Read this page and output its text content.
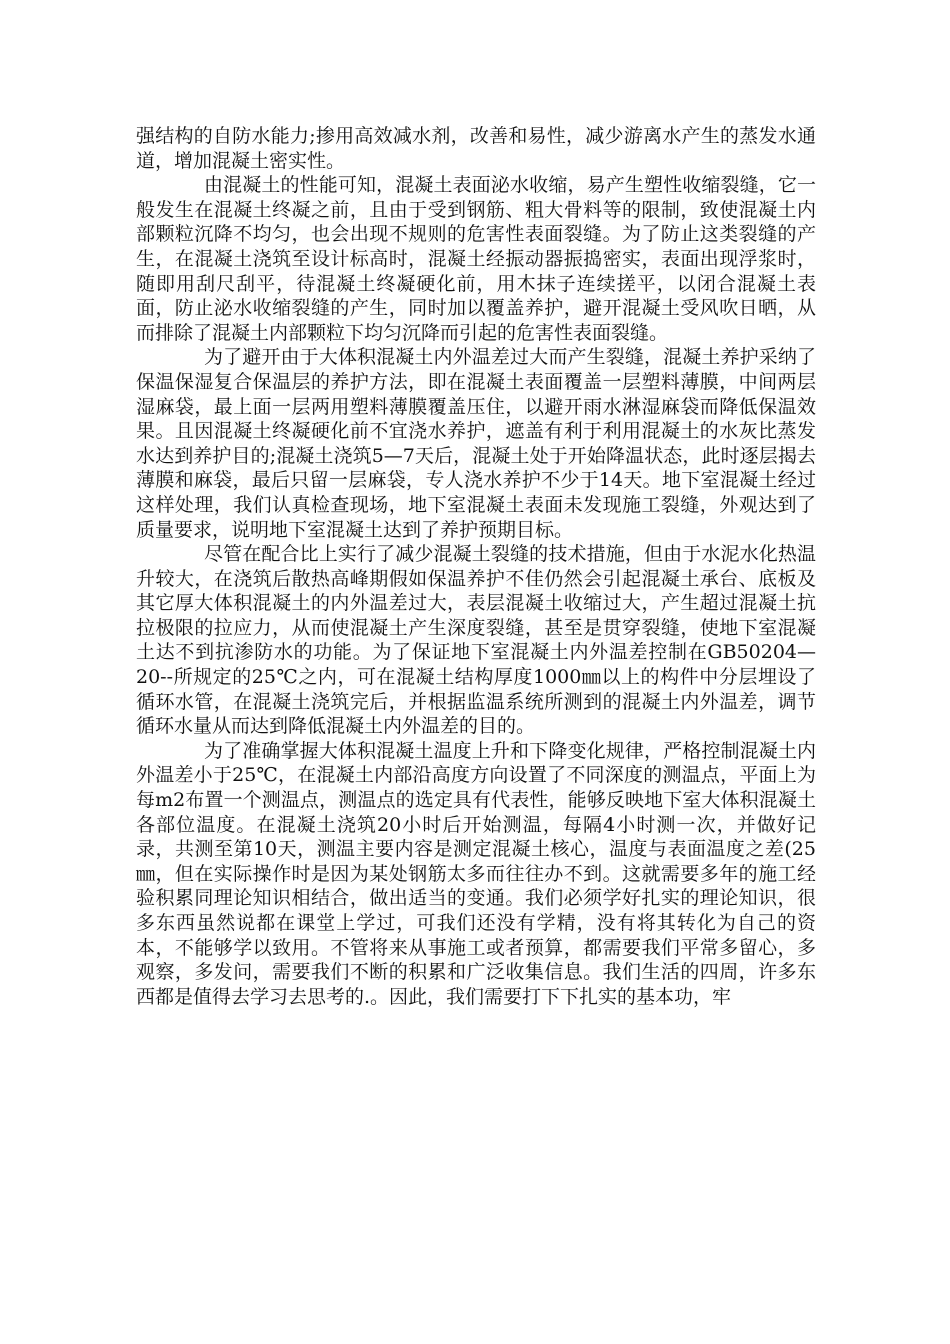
强结构的自防水能力;掺用高效减水剂，改善和易性，减少游离水产生的蒸发水通道，增加混凝土密实性。

由混凝土的性能可知，混凝土表面泌水收缩，易产生塑性收缩裂缝，它一般发生在混凝土终凝之前，且由于受到钢筋、粗大骨料等的限制，致使混凝土内部颗粒沉降不均匀，也会出现不规则的危害性表面裂缝。为了防止这类裂缝的产生，在混凝土浇筑至设计标高时，混凝土经振动器振捣密实，表面出现浮浆时，随即用刮尺刮平，待混凝土终凝硬化前，用木抹子连续搓平，以闭合混凝土表面，防止泌水收缩裂缝的产生，同时加以覆盖养护，避开混凝土受风吹日晒，从而排除了混凝土内部颗粒下均匀沉降而引起的危害性表面裂缝。

为了避开由于大体积混凝土内外温差过大而产生裂缝，混凝土养护采纳了保温保湿复合保温层的养护方法，即在混凝土表面覆盖一层塑料薄膜，中间两层湿麻袋，最上面一层两用塑料薄膜覆盖压住，以避开雨水淋湿麻袋而降低保温效果。且因混凝土终凝硬化前不宜浇水养护，遮盖有利于利用混凝土的水灰比蒸发水达到养护目的;混凝土浇筑5—7天后，混凝土处于开始降温状态，此时逐层揭去薄膜和麻袋，最后只留一层麻袋，专人浇水养护不少于14天。地下室混凝土经过这样处理，我们认真检查现场，地下室混凝土表面未发现施工裂缝，外观达到了质量要求，说明地下室混凝土达到了养护预期目标。

尽管在配合比上实行了减少混凝土裂缝的技术措施，但由于水泥水化热温升较大，在浇筑后散热高峰期假如保温养护不佳仍然会引起混凝土承台、底板及其它厚大体积混凝土的内外温差过大，表层混凝土收缩过大，产生超过混凝土抗拉极限的拉应力，从而使混凝土产生深度裂缝，甚至是贯穿裂缝，使地下室混凝土达不到抗渗防水的功能。为了保证地下室混凝土内外温差控制在GB50204—20--所规定的25℃之内，可在混凝土结构厚度1000㎜以上的构件中分层埋设了循环水管，在混凝土浇筑完后，并根据监温系统所测到的混凝土内外温差，调节循环水量从而达到降低混凝土内外温差的目的。

为了准确掌握大体积混凝土温度上升和下降变化规律，严格控制混凝土内外温差小于25℃，在混凝土内部沿高度方向设置了不同深度的测温点，平面上为每m2布置一个测温点，测温点的选定具有代表性，能够反映地下室大体积混凝土各部位温度。在混凝土浇筑20小时后开始测温，每隔4小时测一次，并做好记录，共测至第10天，测温主要内容是测定混凝土核心，温度与表面温度之差(25㎜，但在实际操作时是因为某处钢筋太多而往往办不到。这就需要多年的施工经验积累同理论知识相结合，做出适当的变通。我们必须学好扎实的理论知识，很多东西虽然说都在课堂上学过，可我们还没有学精，没有将其转化为自己的资本，不能够学以致用。不管将来从事施工或者预算，都需要我们平常多留心，多观察，多发问，需要我们不断的积累和广泛收集信息。我们生活的四周，许多东西都是值得去学习去思考的.。因此，我们需要打下下扎实的基本功，牢
